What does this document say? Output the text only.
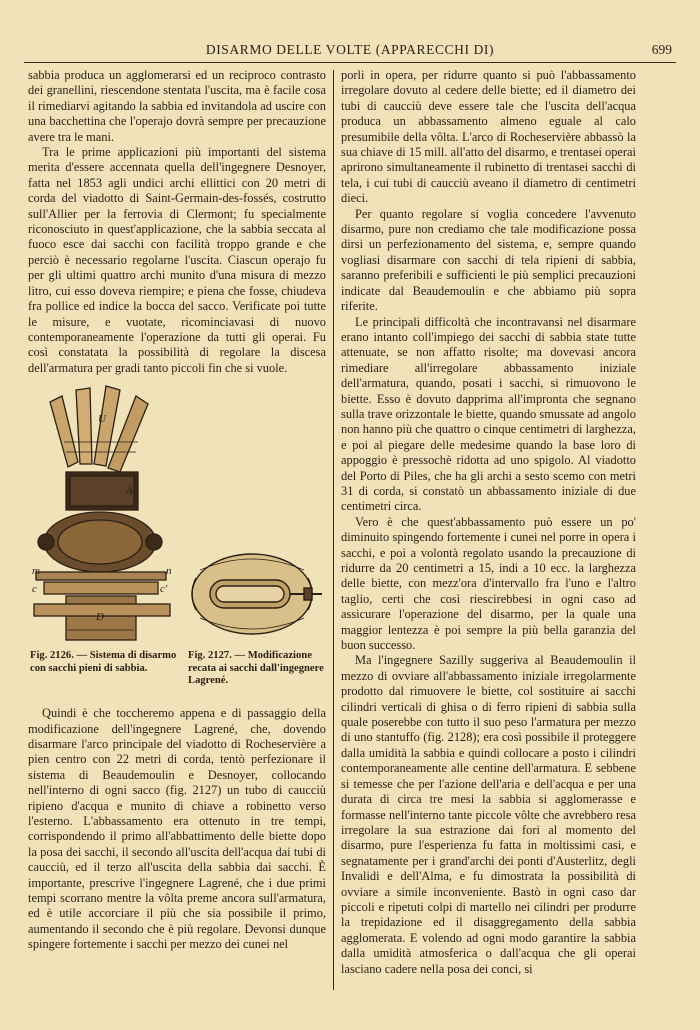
DISARMO DELLE VOLTE (APPARECCHI DI)	699

sabbia produca un agglomerarsi ed un reciproco contrasto dei granellini, riescendone stentata l'uscita, ma è facile cosa il rimediarvi agitando la sabbia ed invitandola ad uscire con una bacchettina che l'operajo dovrà sempre per precauzione avere tra le mani.

Tra le prime applicazioni più importanti del sistema merita d'essere accennata quella dell'ingegnere Desnoyer, fatta nel 1853 agli undici archi ellittici con 20 metri di corda del viadotto di Saint-Germain-des-fossés, costrutto sull'Allier per la ferrovia di Clermont; fu specialmente riconosciuto in quest'applicazione, che la sabbia seccata al fuoco esce dai sacchi con facilità troppo grande e che perciò è necessario regolarne l'uscita. Ciascun operajo fu per gli ultimi quattro archi munito d'una misura di mezzo litro, cui esso doveva riempire; e piena che fosse, chiudeva fra pollice ed indice la bocca del sacco. Verificate poi tutte le misure, e vuotate, ricominciavasi di nuovo contemporaneamente l'operazione da tutti gli operai. Fu così constatata la possibilità di regolare la discesa dell'armatura per gradi tanto piccoli fin che si vuole.

U
A
m	n
c	c'
D
Fig. 2126. — Sistema di disarmo con sacchi pieni di sabbia.
Fig. 2127. — Modificazione recata ai sacchi dall'ingegnere Lagrené.

Quindi è che toccheremo appena e di passaggio della modificazione dell'ingegnere Lagrené, che, dovendo disarmare l'arco principale del viadotto di Rocheservière a pien centro con 22 metri di corda, tentò perfezionare il sistema di Beaudemoulin e Desnoyer, collocando nell'interno di ogni sacco (fig. 2127) un tubo di caucciù ripieno d'acqua e munito di chiave a robinetto verso l'esterno. L'abbassamento era ottenuto in tre tempi, corrispondendo il primo all'abbattimento delle biette dopo la posa dei sacchi, il secondo all'uscita dell'acqua dai tubi di caucciù, ed il terzo all'uscita della sabbia dai sacchi. È importante, prescrive l'ingegnere Lagrené, che i due primi tempi scorrano mentre la vôlta preme ancora sull'armatura, ed è utile accorciare il più che sia possibile il primo, aumentando il secondo che è più regolare. Devonsi dunque spingere fortemente i sacchi per mezzo dei cunei nel

porli in opera, per ridurre quanto si può l'abbassamento irregolare dovuto al cedere delle biette; ed il diametro dei tubi di caucciù deve essere tale che l'uscita dell'acqua produca un abbassamento almeno eguale al calo presumibile della vôlta. L'arco di Rocheservière abbassò la sua chiave di 15 mill. all'atto del disarmo, e trentasei operai aprirono simultaneamente il rubinetto di trentasei sacchi di tela, i cui tubi di caucciù aveano il diametro di centimetri dieci.

Per quanto regolare si voglia concedere l'avvenuto disarmo, pure non crediamo che tale modificazione possa dirsi un perfezionamento del sistema, e, sempre quando vogliasi disarmare con sacchi di tela ripieni di sabbia, saranno preferibili e sufficienti le più semplici precauzioni indicate dal Beaudemoulin e che abbiamo più sopra riferite.

Le principali difficoltà che incontravansi nel disarmare erano intanto coll'impiego dei sacchi di sabbia state tutte attenuate, se non affatto risolte; ma dovevasi ancora rimediare all'irregolare abbassamento iniziale dell'armatura, quando, posati i sacchi, si rimuovono le biette. Esso è dovuto dapprima all'impronta che segnano sulla trave orizzontale le biette, quando smussate ad angolo non hanno più che quattro o cinque centimetri di larghezza, e poi al piegare delle medesime quando la base loro di appoggio è pressochè ridotta ad uno spigolo. Al viadotto del Porto di Piles, che ha gli archi a sesto scemo con metri 31 di corda, si constatò un abbassamento iniziale di due centimetri circa.

Vero è che quest'abbassamento può essere un po' diminuito spingendo fortemente i cunei nel porre in opera i sacchi, e poi a volontà regolato usando la precauzione di ridurre da 20 centimetri a 15, indi a 10 ecc. la larghezza delle biette, con mezz'ora d'intervallo fra l'uno e l'altro taglio, certi che così riescirebbesi in ogni caso ad assicurare l'operazione del disarmo, per la quale una maggior lentezza è poi sempre la più bella garanzia del buon successo.

Ma l'ingegnere Sazilly suggeriva al Beaudemoulin il mezzo di ovviare all'abbassamento iniziale irregolarmente prodotto dal rimuovere le biette, col sostituire ai sacchi cilindri verticali di ghisa o di ferro ripieni di sabbia sulla quale poserebbe con tutto il suo peso l'armatura per mezzo di uno stantuffo (fig. 2128); era così possibile il proteggere dalla umidità la sabbia e quindi collocare a posto i cilindri contemporaneamente alle centine dell'armatura. E sebbene si temesse che per l'azione dell'aria e dell'acqua e per una durata di circa tre mesi la sabbia si agglomerasse e formasse nell'interno tante piccole vôlte che avrebbero resa irregolare la sua estrazione dai fori al momento del disarmo, pure l'esperienza fu fatta in moltissimi casi, e segnatamente per i grand'archi dei ponti d'Austerlitz, degli Invalidi e dell'Alma, e fu dimostrata la possibilità di ovviare a simile inconveniente. Bastò in ogni caso dar piccoli e ripetuti colpi di martello nei cilindri per produrre la trepidazione ed il disaggregamento della sabbia agglomerata. E volendo ad ogni modo garantire la sabbia dalla umidità atmosferica o dall'acqua che gli operai lasciano cadere nella posa dei conci, si
